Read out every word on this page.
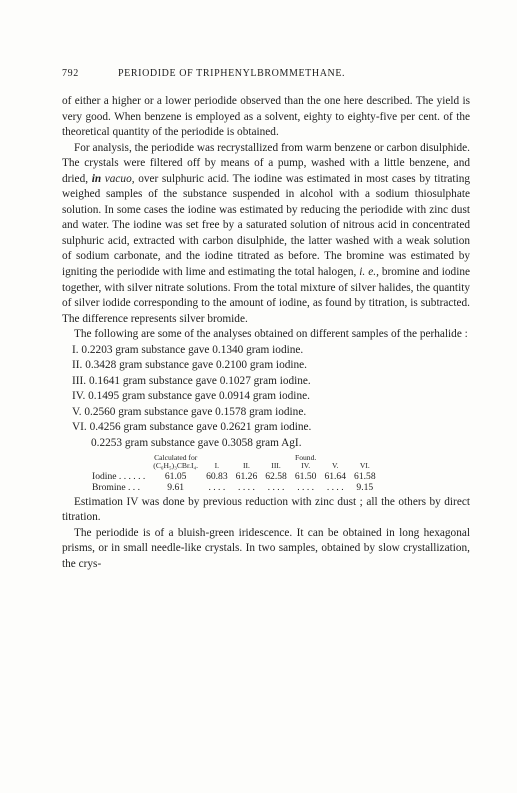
792	PERIODIDE OF TRIPHENYLBROMMETHANE.

of either a higher or a lower periodide observed than the one here described. The yield is very good. When benzene is employed as a solvent, eighty to eighty-five per cent. of the theoretical quantity of the periodide is obtained.

For analysis, the periodide was recrystallized from warm benzene or carbon disulphide. The crystals were filtered off by means of a pump, washed with a little benzene, and dried, in vacuo, over sulphuric acid. The iodine was estimated in most cases by titrating weighed samples of the substance suspended in alcohol with a sodium thiosulphate solution. In some cases the iodine was estimated by reducing the periodide with zinc dust and water. The iodine was set free by a saturated solution of nitrous acid in concentrated sulphuric acid, extracted with carbon disulphide, the latter washed with a weak solution of sodium carbonate, and the iodine titrated as before. The bromine was estimated by igniting the periodide with lime and estimating the total halogen, i. e., bromine and iodine together, with silver nitrate solutions. From the total mixture of silver halides, the quantity of silver iodide corresponding to the amount of iodine, as found by titration, is subtracted. The difference represents silver bromide.

The following are some of the analyses obtained on different samples of the perhalide :

I. 0.2203 gram substance gave 0.1340 gram iodine.
II. 0.3428 gram substance gave 0.2100 gram iodine.
III. 0.1641 gram substance gave 0.1027 gram iodine.
IV. 0.1495 gram substance gave 0.0914 gram iodine.
V. 0.2560 gram substance gave 0.1578 gram iodine.
VI. 0.4256 gram substance gave 0.2621 gram iodine.
0.2253 gram substance gave 0.3058 gram AgI.
	Calculated for				Found.		
	(C₆H₅)₃CBr.I₄.	I.	II.	III.	IV.	V.	VI.
Iodine . . . . . .	61.05	60.83	61.26	62.58	61.50	61.64	61.58
Bromine . . .	9.61	. . . .	. . . .	. . . .	. . . .	. . . .	9.15

Estimation IV was done by previous reduction with zinc dust ; all the others by direct titration.

The periodide is of a bluish-green iridescence. It can be obtained in long hexagonal prisms, or in small needle-like crystals. In two samples, obtained by slow crystallization, the crys-
